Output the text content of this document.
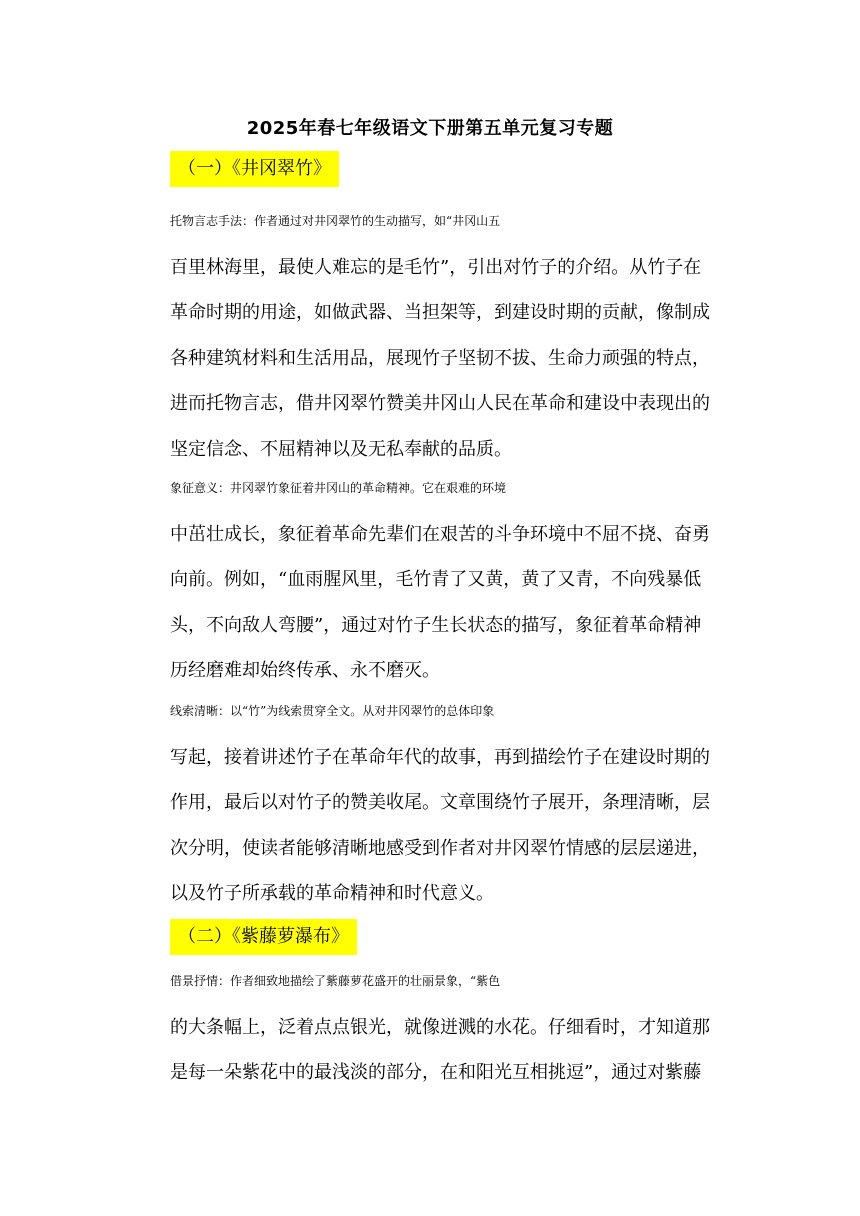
2025年春七年级语文下册第五单元复习专题
（一）《井冈翠竹》

托物言志手法：作者通过对井冈翠竹的生动描写，如“井冈山五
百里林海里，最使人难忘的是毛竹”，引出对竹子的介绍。从竹子在
革命时期的用途，如做武器、当担架等，到建设时期的贡献，像制成
各种建筑材料和生活用品，展现竹子坚韧不拔、生命力顽强的特点，
进而托物言志，借井冈翠竹赞美井冈山人民在革命和建设中表现出的
坚定信念、不屈精神以及无私奉献的品质。

象征意义：井冈翠竹象征着井冈山的革命精神。它在艰难的环境
中茁壮成长，象征着革命先辈们在艰苦的斗争环境中不屈不挠、奋勇
向前。例如，“血雨腥风里，毛竹青了又黄，黄了又青，不向残暴低
头，不向敌人弯腰”，通过对竹子生长状态的描写，象征着革命精神
历经磨难却始终传承、永不磨灭。

线索清晰：以“竹”为线索贯穿全文。从对井冈翠竹的总体印象
写起，接着讲述竹子在革命年代的故事，再到描绘竹子在建设时期的
作用，最后以对竹子的赞美收尾。文章围绕竹子展开，条理清晰，层
次分明，使读者能够清晰地感受到作者对井冈翠竹情感的层层递进，
以及竹子所承载的革命精神和时代意义。

（二）《紫藤萝瀑布》

借景抒情：作者细致地描绘了紫藤萝花盛开的壮丽景象，“紫色
的大条幅上，泛着点点银光，就像迸溅的水花。仔细看时，才知道那
是每一朵紫花中的最浅淡的部分，在和阳光互相挑逗”，通过对紫藤
